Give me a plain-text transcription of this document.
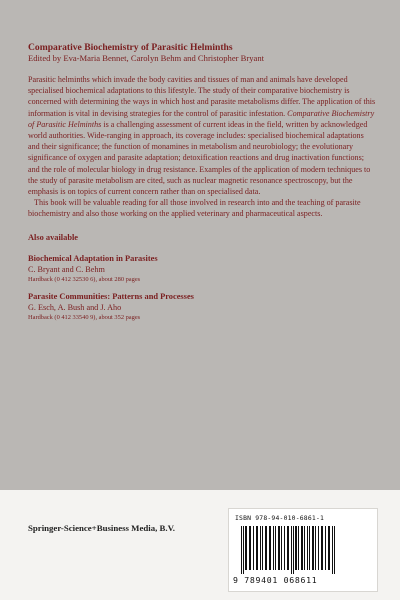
Comparative Biochemistry of Parasitic Helminths
Edited by Eva-Maria Bennet, Carolyn Behm and Christopher Bryant

Parasitic helminths which invade the body cavities and tissues of man and animals have developed specialised biochemical adaptations to this lifestyle. The study of their comparative biochemistry is concerned with determining the ways in which host and parasite metabolisms differ. The application of this information is vital in devising strategies for the control of parasitic infestation. Comparative Biochemistry of Parasitic Helminths is a challenging assessment of current ideas in the field, written by acknowledged world authorities. Wide-ranging in approach, its coverage includes: specialised biochemical adaptations and their significance; the function of monamines in metabolism and neurobiology; the evolutionary significance of oxygen and parasite adaptation; detoxification reactions and drug inactivation functions; and the role of molecular biology in drug resistance. Examples of the application of modern techniques to the study of parasite metabolism are cited, such as nuclear magnetic resonance spectroscopy, but the emphasis is on topics of current concern rather than on specialised data.

This book will be valuable reading for all those involved in research into and the teaching of parasite biochemistry and also those working on the applied veterinary and pharmaceutical aspects.

Also available
Biochemical Adaptation in Parasites
C. Bryant and C. Behm
Hardback (0 412 32530 6), about 280 pages
Parasite Communities: Patterns and Processes
G. Esch, A. Bush and J. Aho
Hardback (0 412 33540 9), about 352 pages
Springer-Science+Business Media, B.V.
ISBN 978-94-010-6861-1
9 789401 068611
